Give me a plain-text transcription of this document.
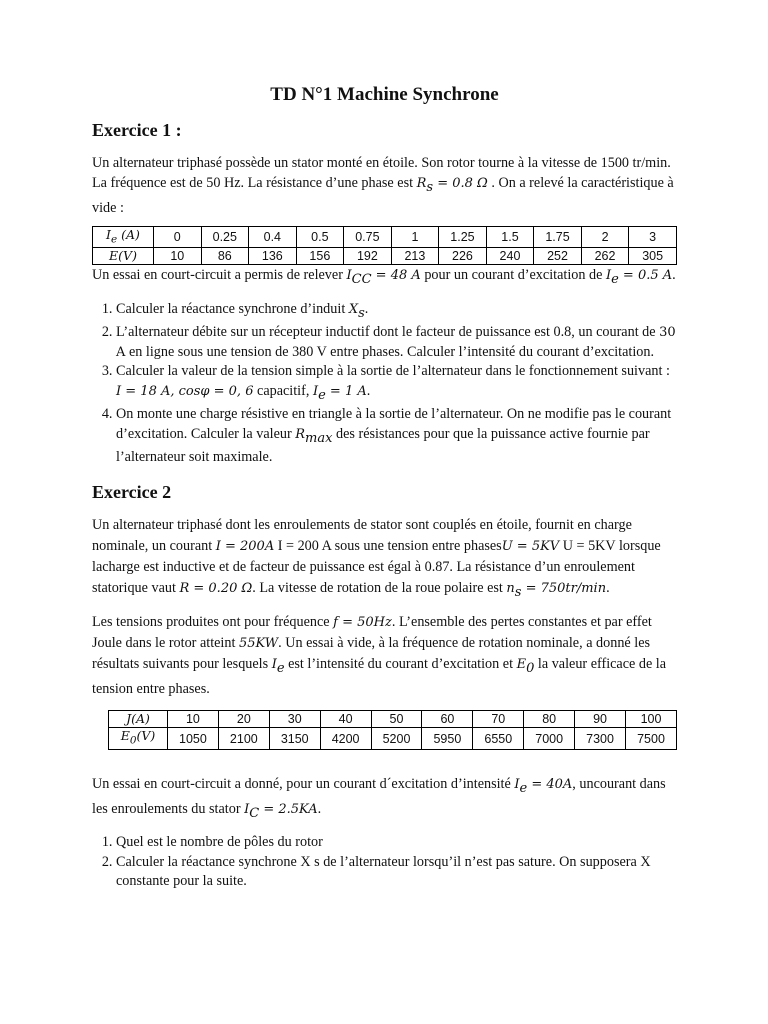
TD N°1 Machine Synchrone
Exercice 1 :

Un alternateur triphasé possède un stator monté en étoile. Son rotor tourne à la vitesse de 1500 tr/min. La fréquence est de 50 Hz. La résistance d’une phase est $R_s = 0.8$ Ω . On a relevé la caractéristique à vide :

$I_e$ (A)	0	0.25	0.4	0.5	0.75	1	1.25	1.5	1.75	2	3
E(V)	10	86	136	156	192	213	226	240	252	262	305

Un essai en court-circuit a permis de relever $I_{CC} = 48$ A pour un courant d’excitation de $I_e = 0.5$ A.

1. Calculer la réactance synchrone d’induit $X_s$.
2. L’alternateur débite sur un récepteur inductif dont le facteur de puissance est 0.8, un courant de 30 A en ligne sous une tension de 380 V entre phases. Calculer l’intensité du courant d’excitation.
3. Calculer la valeur de la tension simple à la sortie de l’alternateur dans le fonctionnement suivant : I = 18 A, cosφ = 0, 6 capacitif, $I_e = 1$ A.
4. On monte une charge résistive en triangle à la sortie de l’alternateur. On ne modifie pas le courant d’excitation. Calculer la valeur $R_{max}$ des résistances pour que la puissance active fournie par l’alternateur soit maximale.
Exercice 2

Un alternateur triphasé dont les enroulements de stator sont couplés en étoile, fournit en charge nominale, un courant I = 200A I = 200 A sous une tension entre phasesU = 5KV U = 5KV lorsque lacharge est inductive et de facteur de puissance est égal à 0.87. La résistance d’un enroulement statorique vaut R = 0.20 Ω. La vitesse de rotation de la roue polaire est $n_s = 750tr/\min$.

Les tensions produites ont pour fréquence f = 50Hz. L’ensemble des pertes constantes et par effet Joule dans le rotor atteint 55KW. Un essai à vide, à la fréquence de rotation nominale, a donné les résultats suivants pour lesquels $I_e$ est l’intensité du courant d’excitation et $E_0$ la valeur efficace de la tension entre phases.

J(A)	10	20	30	40	50	60	70	80	90	100
$E_0(V)$	1050	2100	3150	4200	5200	5950	6550	7000	7300	7500

Un essai en court-circuit a donné, pour un courant d´excitation d’intensité $I_e = 40A$, uncourant dans les enroulements du stator $I_C = 2.5KA$.

1. Quel est le nombre de pôles du rotor
2. Calculer la réactance synchrone X s de l’alternateur lorsqu’il n’est pas sature. On supposera X constante pour la suite.
